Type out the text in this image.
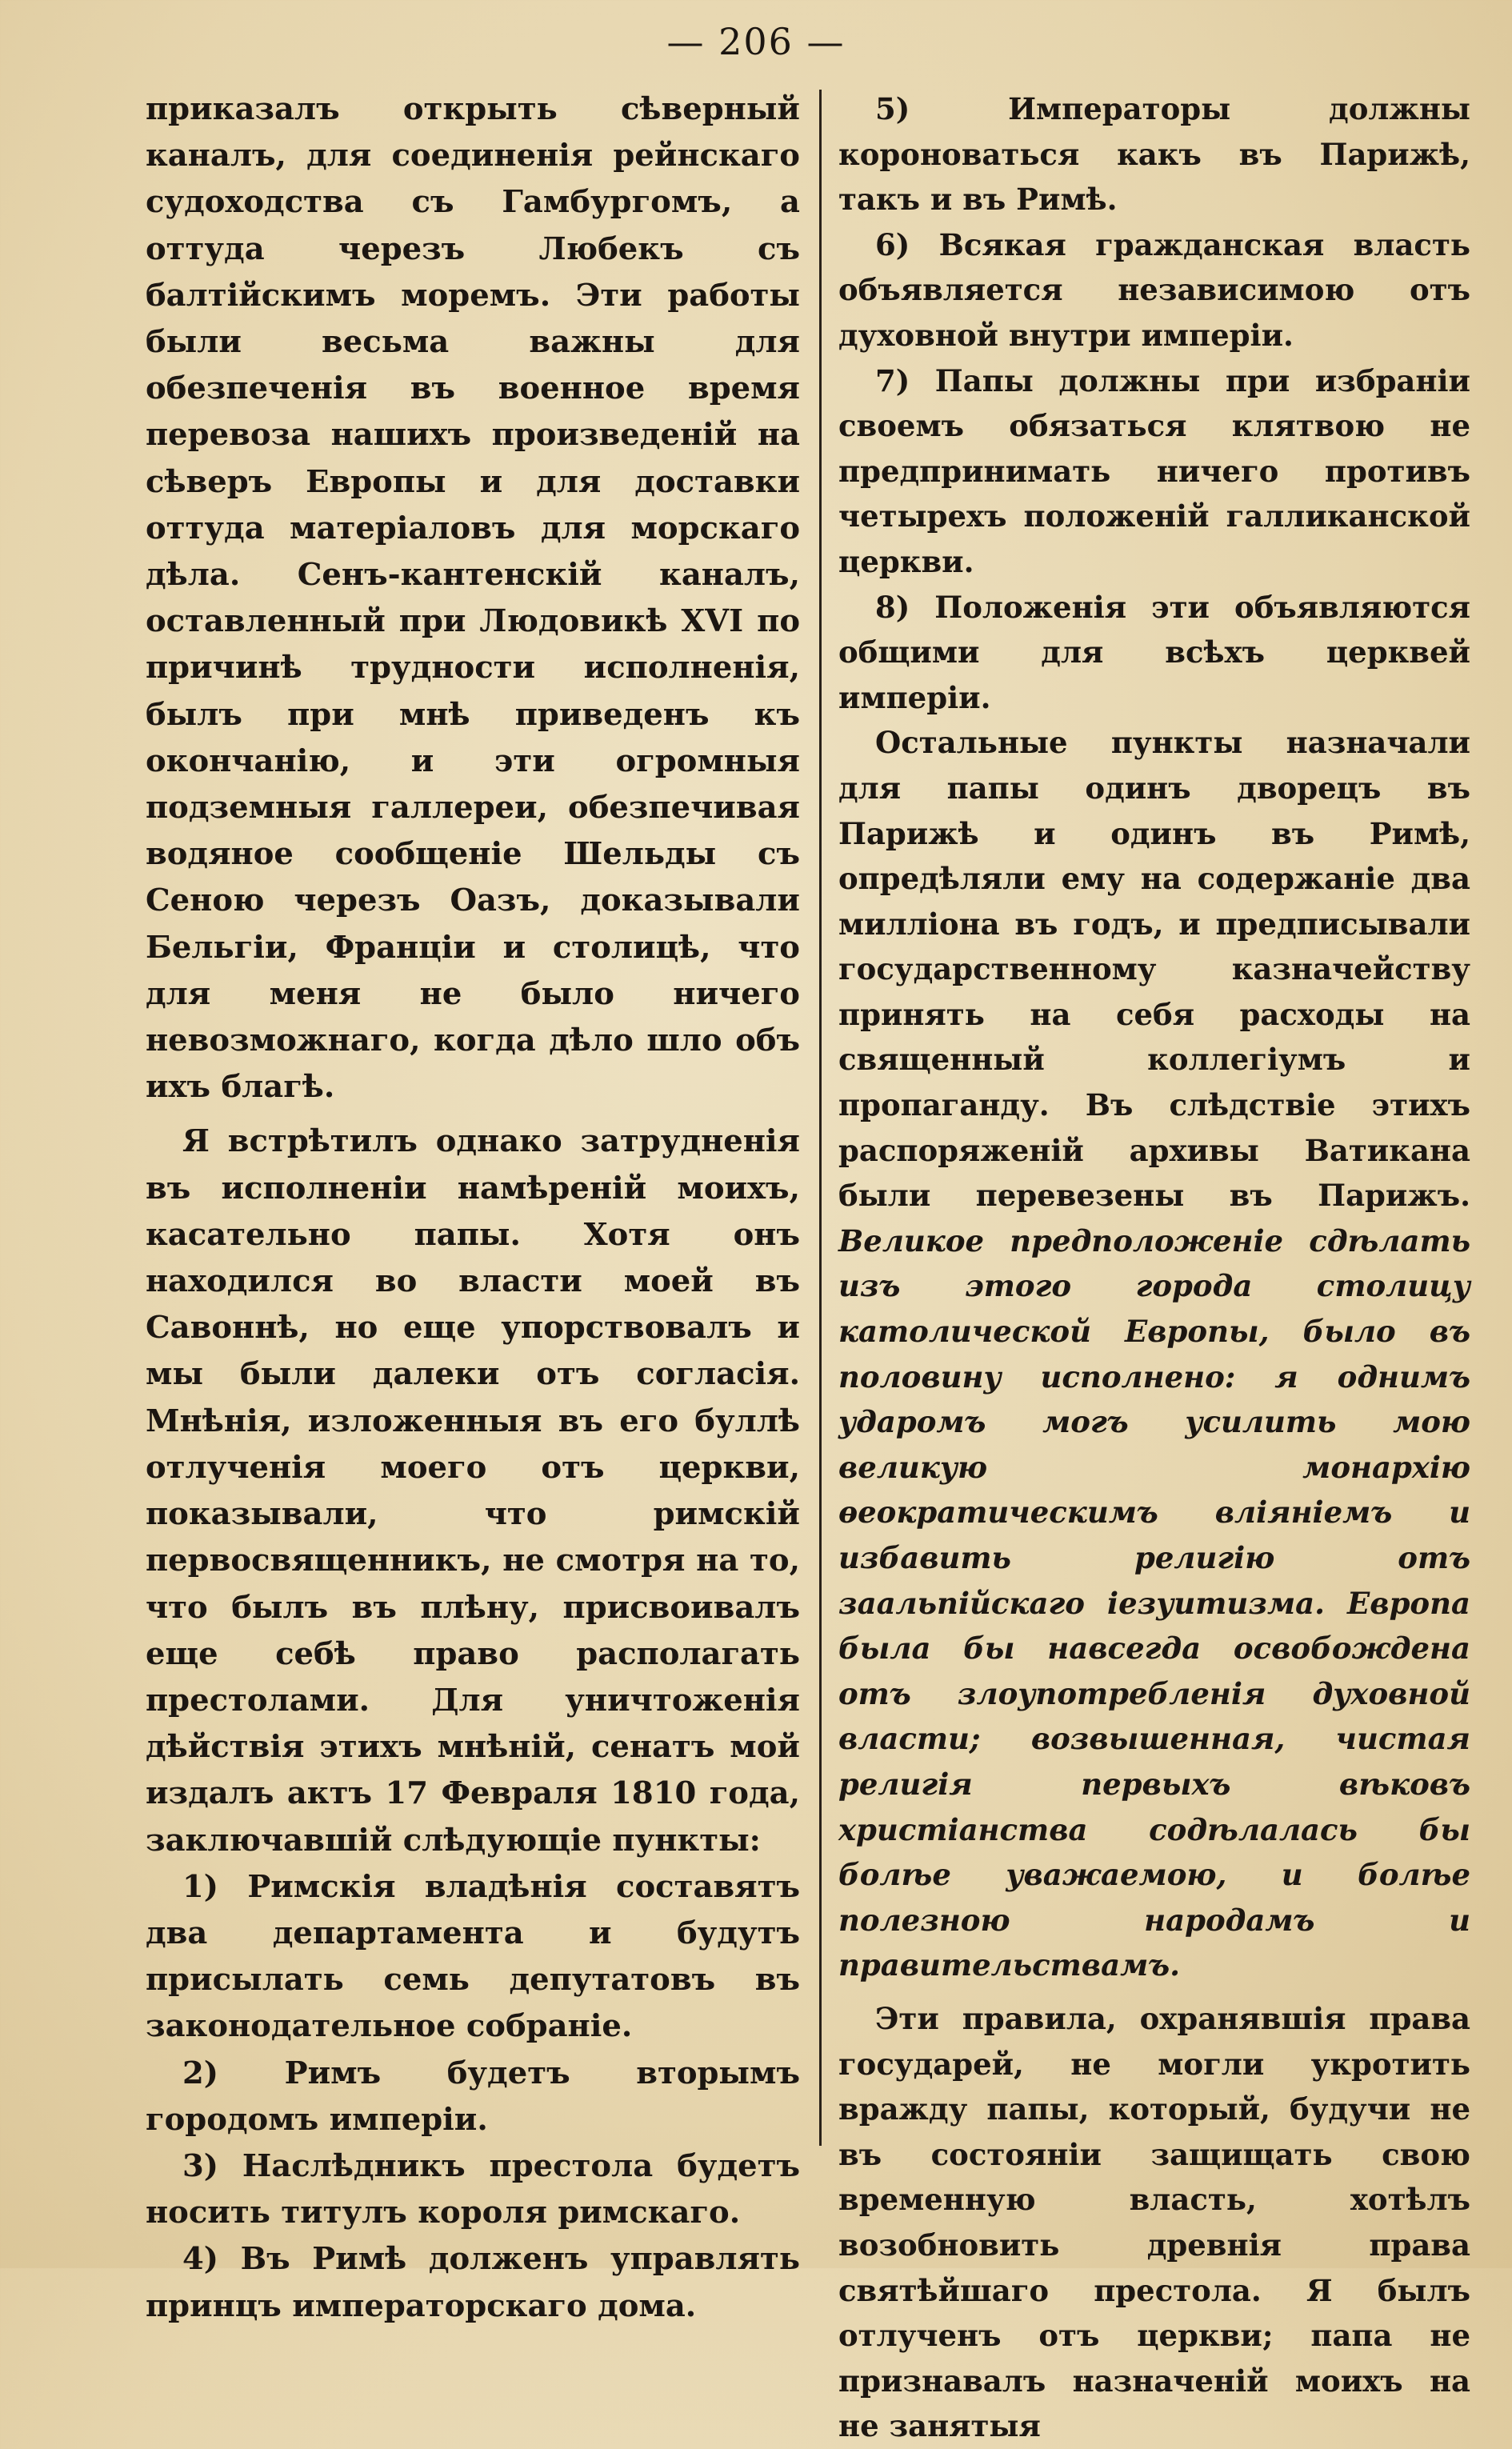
— 206 —

приказалъ открыть сѣверный каналъ, для соединенія рейнскаго судоходства съ Гамбургомъ, а оттуда черезъ Любекъ съ балтійскимъ моремъ. Эти работы были весьма важны для обезпеченія въ военное время перевоза нашихъ произведеній на сѣверъ Европы и для доставки оттуда матеріаловъ для морскаго дѣла. Сенъ-кантенскій каналъ, оставленный при Людовикѣ XVI по причинѣ трудности исполненія, былъ при мнѣ приведенъ къ окончанію, и эти огромныя подземныя галлереи, обезпечивая водяное сообщеніе Шельды съ Сеною черезъ Оазъ, доказывали Бельгіи, Франціи и столицѣ, что для меня не было ничего невозможнаго, когда дѣло шло объ ихъ благѣ.

Я встрѣтилъ однако затрудненія въ исполненіи намѣреній моихъ, касательно папы. Хотя онъ находился во власти моей въ Савоннѣ, но еще упорствовалъ и мы были далеки отъ согласія. Мнѣнія, изложенныя въ его буллѣ отлученія моего отъ церкви, показывали, что римскій первосвященникъ, не смотря на то, что былъ въ плѣну, присвоивалъ еще себѣ право располагать престолами. Для уничтоженія дѣйствія этихъ мнѣній, сенатъ мой издалъ актъ 17 Февраля 1810 года, заключавшій слѣдующіе пункты:

1) Римскія владѣнія составятъ два департамента и будутъ присылать семь депутатовъ въ законодательное собраніе.

2) Римъ будетъ вторымъ городомъ имперіи.

3) Наслѣдникъ престола будетъ носить титулъ короля римскаго.

4) Въ Римѣ долженъ управлять принцъ императорскаго дома.

5) Императоры должны короноваться какъ въ Парижѣ, такъ и въ Римѣ.

6) Всякая гражданская власть объявляется независимою отъ духовной внутри имперіи.

7) Папы должны при избраніи своемъ обязаться клятвою не предпринимать ничего противъ четырехъ положеній галликанской церкви.

8) Положенія эти объявляются общими для всѣхъ церквей имперіи.

Остальные пункты назначали для папы одинъ дворецъ въ Парижѣ и одинъ въ Римѣ, опредѣляли ему на содержаніе два милліона въ годъ, и предписывали государственному казначейству принять на себя расходы на священный коллегіумъ и пропаганду. Въ слѣдствіе этихъ распоряженій архивы Ватикана были перевезены въ Парижъ. Великое предположеніе сдѣлать изъ этого города столицу католической Европы, было въ половину исполнено: я однимъ ударомъ могъ усилить мою великую монархію ѳеократическимъ вліяніемъ и избавить религію отъ заальпійскаго іезуитизма. Европа была бы навсегда освобождена отъ злоупотребленія духовной власти; возвышенная, чистая религія первыхъ вѣковъ христіанства содѣлалась бы болѣе уважаемою, и болѣе полезною народамъ и правительствамъ.

Эти правила, охранявшія права государей, не могли укротить вражду папы, который, будучи не въ состояніи защищать свою временную власть, хотѣлъ возобновить древнія права святѣйшаго престола. Я былъ отлученъ отъ церкви; папа не признавалъ назначеній моихъ на не занятыя
